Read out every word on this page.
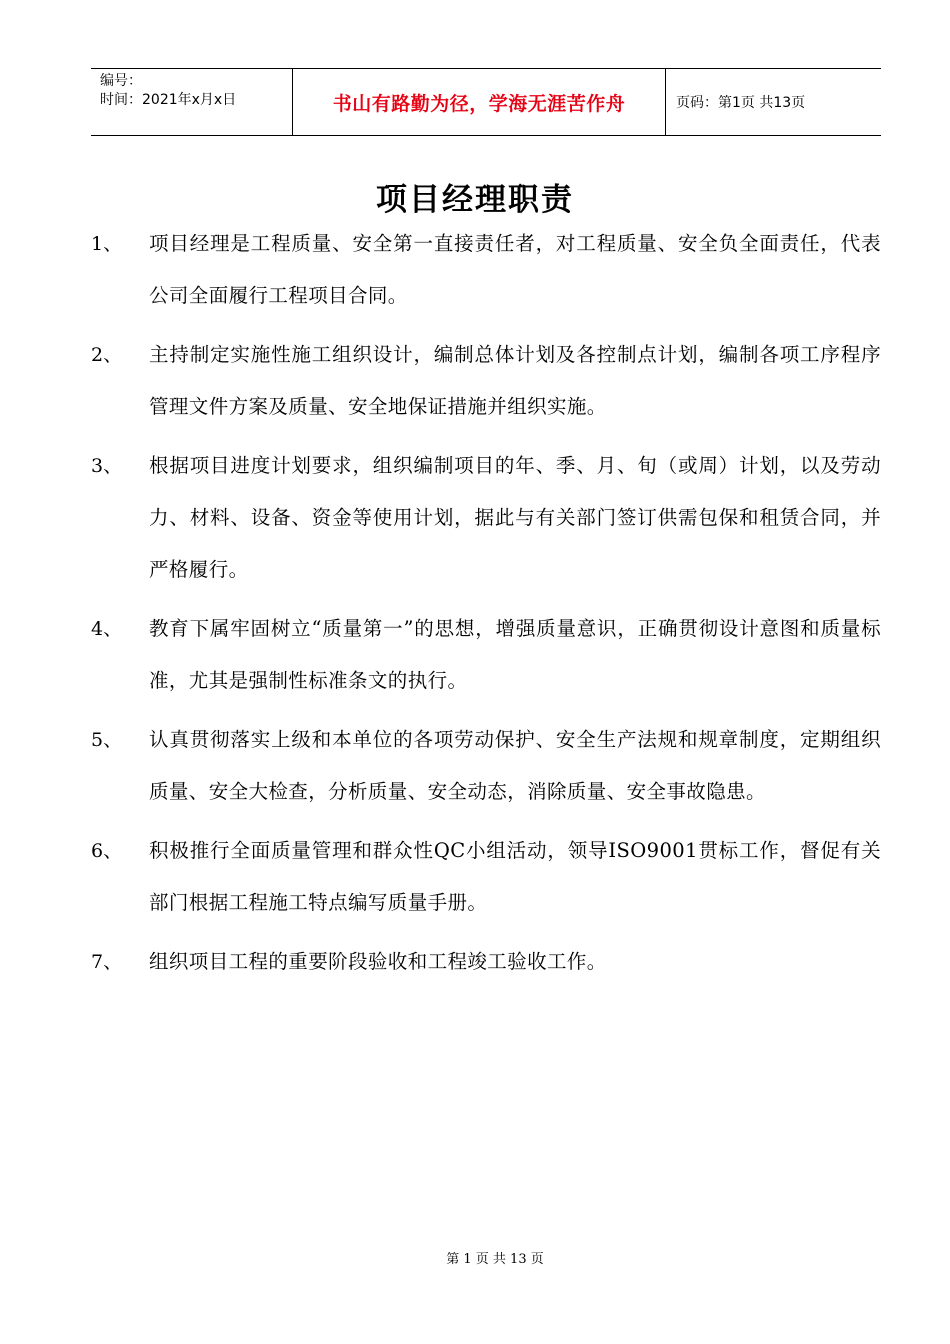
编号：
时间：2021年x月x日	书山有路勤为径，学海无涯苦作舟	页码：第1页 共13页
项目经理职责
1、	项目经理是工程质量、安全第一直接责任者，对工程质量、安全负全面责任，代表公司全面履行工程项目合同。
2、	主持制定实施性施工组织设计，编制总体计划及各控制点计划，编制各项工序程序管理文件方案及质量、安全地保证措施并组织实施。
3、	根据项目进度计划要求，组织编制项目的年、季、月、旬（或周）计划，以及劳动力、材料、设备、资金等使用计划，据此与有关部门签订供需包保和租赁合同，并严格履行。
4、	教育下属牢固树立“质量第一”的思想，增强质量意识，正确贯彻设计意图和质量标准，尤其是强制性标准条文的执行。
5、	认真贯彻落实上级和本单位的各项劳动保护、安全生产法规和规章制度，定期组织质量、安全大检查，分析质量、安全动态，消除质量、安全事故隐患。
6、	积极推行全面质量管理和群众性QC小组活动，领导ISO9001贯标工作，督促有关部门根据工程施工特点编写质量手册。
7、	组织项目工程的重要阶段验收和工程竣工验收工作。
第 1 页 共 13 页
